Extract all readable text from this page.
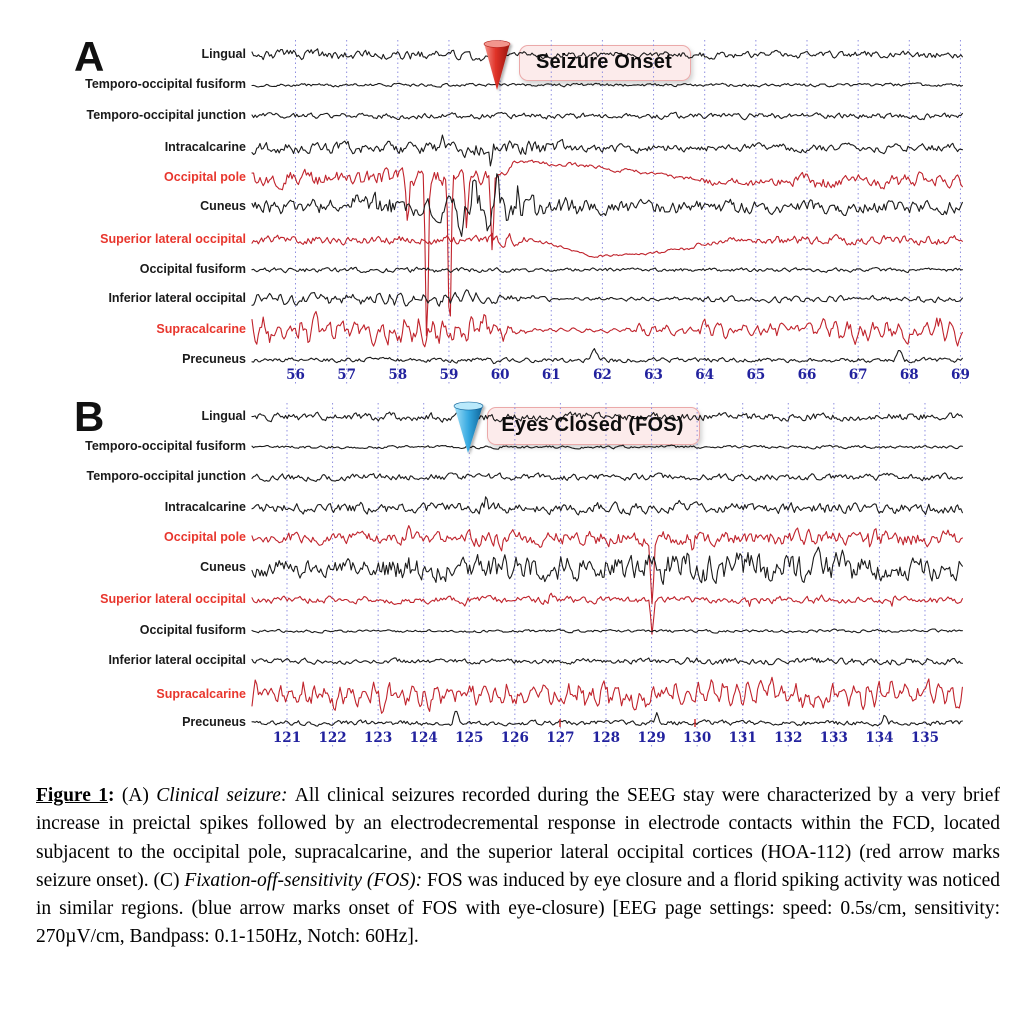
A
B
56 57 58 59 60 61 62 63 64 65 66 67 68 69
121 122 123 124 125 126 127 128 129 130 131 132 133 134 135
Seizure Onset
Eyes Closed (FOS)
Figure 1: (A) Clinical seizure: All clinical seizures recorded during the SEEG stay were characterized by a very brief increase in preictal spikes followed by an electrodecremental response in electrode contacts within the FCD, located subjacent to the occipital pole, supracalcarine, and the superior lateral occipital cortices (HOA-112) (red arrow marks seizure onset). (C) Fixation-off-sensitivity (FOS): FOS was induced by eye closure and a florid spiking activity was noticed in similar regions. (blue arrow marks onset of FOS with eye-closure) [EEG page settings: speed: 0.5s/cm, sensitivity: 270µV/cm, Bandpass: 0.1-150Hz, Notch: 60Hz].
Lingual
Temporo-occipital fusiform
Temporo-occipital junction
Intracalcarine
Occipital pole
Cuneus
Superior lateral occipital
Occipital fusiform
Inferior lateral occipital
Supracalcarine
Precuneus
Lingual
Temporo-occipital fusiform
Temporo-occipital junction
Intracalcarine
Occipital pole
Cuneus
Superior lateral occipital
Occipital fusiform
Inferior lateral occipital
Supracalcarine
Precuneus
